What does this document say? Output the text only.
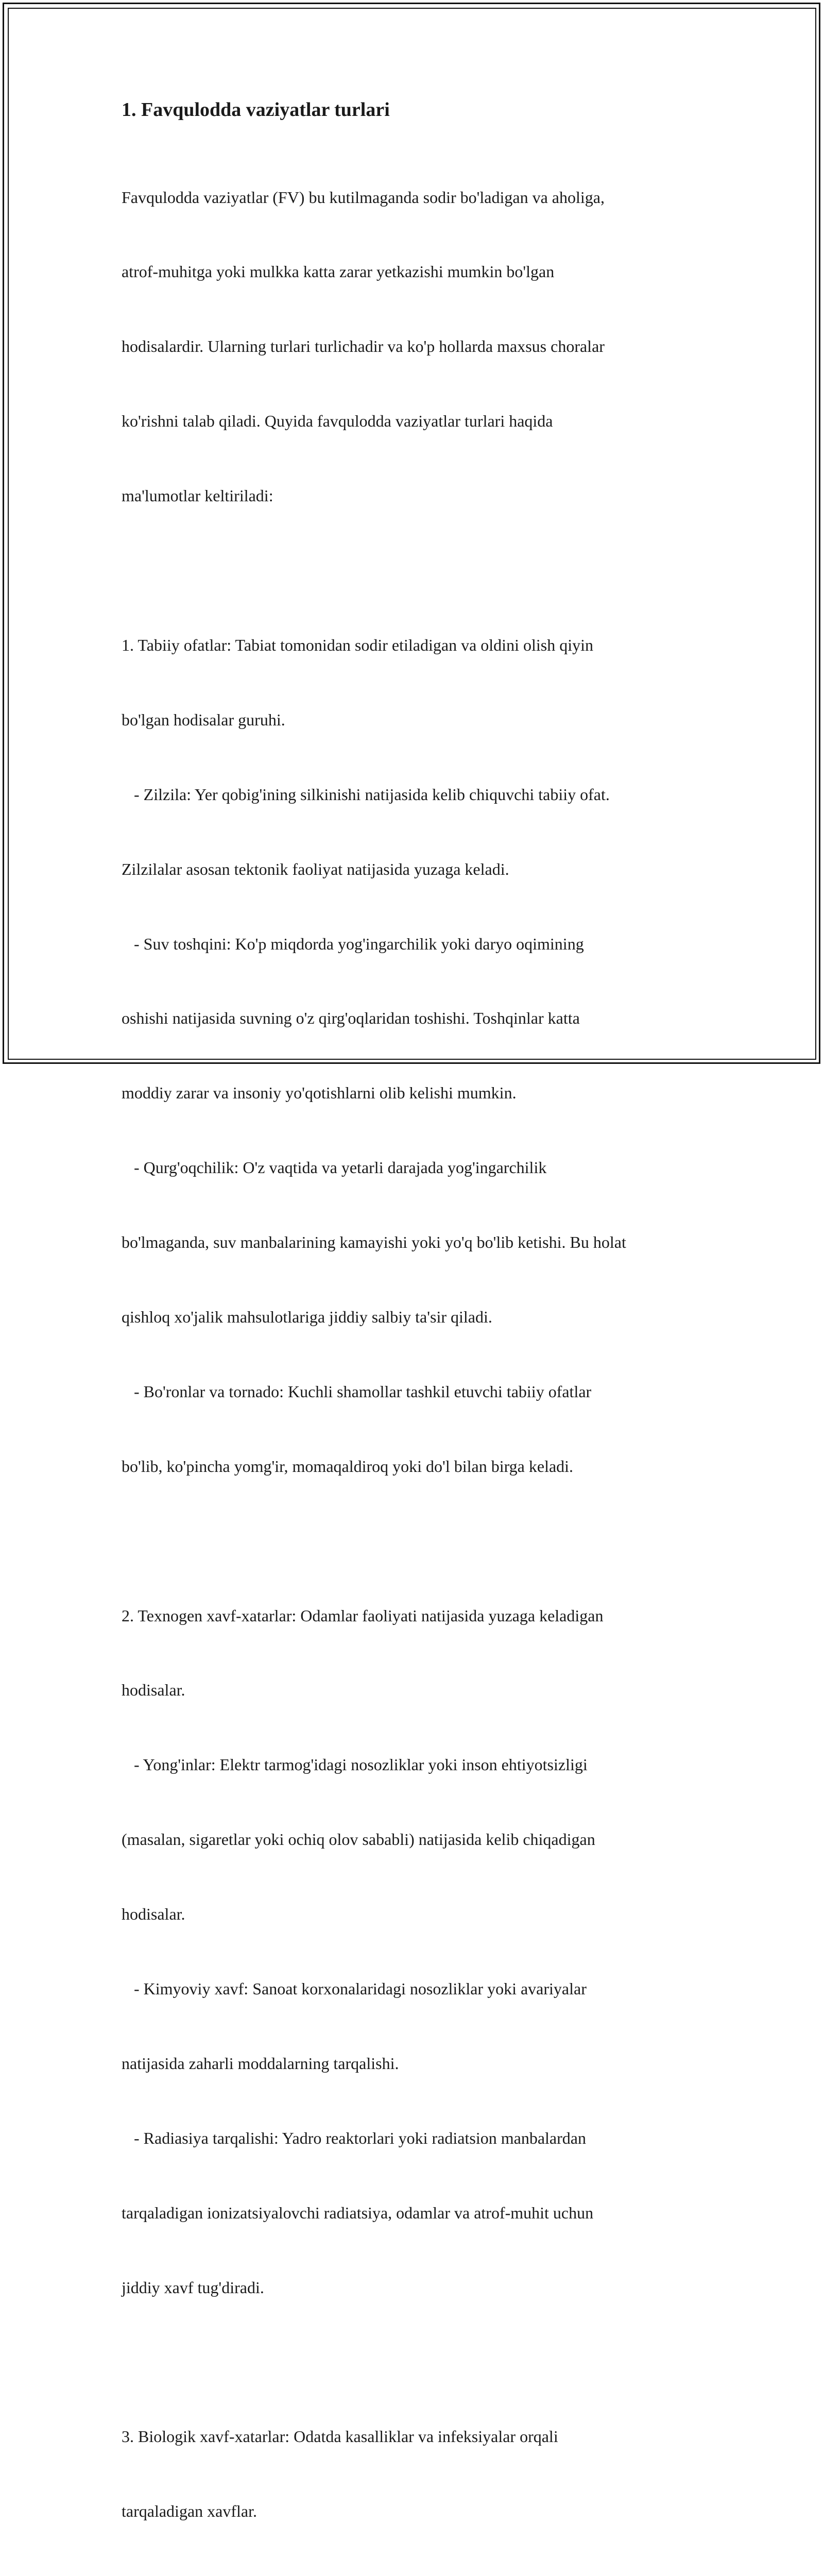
1. Favqulodda vaziyatlar turlari

Favqulodda vaziyatlar (FV) bu kutilmaganda sodir bo'ladigan va aholiga,

atrof-muhitga yoki mulkka katta zarar yetkazishi mumkin bo'lgan

hodisalardir. Ularning turlari turlichadir va ko'p hollarda maxsus choralar

ko'rishni talab qiladi. Quyida favqulodda vaziyatlar turlari haqida

ma'lumotlar keltiriladi:

1. Tabiiy ofatlar: Tabiat tomonidan sodir etiladigan va oldini olish qiyin

bo'lgan hodisalar guruhi.

- Zilzila: Yer qobig'ining silkinishi natijasida kelib chiquvchi tabiiy ofat.

Zilzilalar asosan tektonik faoliyat natijasida yuzaga keladi.

- Suv toshqini: Ko'p miqdorda yog'ingarchilik yoki daryo oqimining

oshishi natijasida suvning o'z qirg'oqlaridan toshishi. Toshqinlar katta

moddiy zarar va insoniy yo'qotishlarni olib kelishi mumkin.

- Qurg'oqchilik: O'z vaqtida va yetarli darajada yog'ingarchilik

bo'lmaganda, suv manbalarining kamayishi yoki yo'q bo'lib ketishi. Bu holat

qishloq xo'jalik mahsulotlariga jiddiy salbiy ta'sir qiladi.

- Bo'ronlar va tornado: Kuchli shamollar tashkil etuvchi tabiiy ofatlar

bo'lib, ko'pincha yomg'ir, momaqaldiroq yoki do'l bilan birga keladi.

2. Texnogen xavf-xatarlar: Odamlar faoliyati natijasida yuzaga keladigan

hodisalar.

- Yong'inlar: Elektr tarmog'idagi nosozliklar yoki inson ehtiyotsizligi

(masalan, sigaretlar yoki ochiq olov sababli) natijasida kelib chiqadigan

hodisalar.

- Kimyoviy xavf: Sanoat korxonalaridagi nosozliklar yoki avariyalar

natijasida zaharli moddalarning tarqalishi.

- Radiasiya tarqalishi: Yadro reaktorlari yoki radiatsion manbalardan

tarqaladigan ionizatsiyalovchi radiatsiya, odamlar va atrof-muhit uchun

jiddiy xavf tug'diradi.

3. Biologik xavf-xatarlar: Odatda kasalliklar va infeksiyalar orqali

tarqaladigan xavflar.
